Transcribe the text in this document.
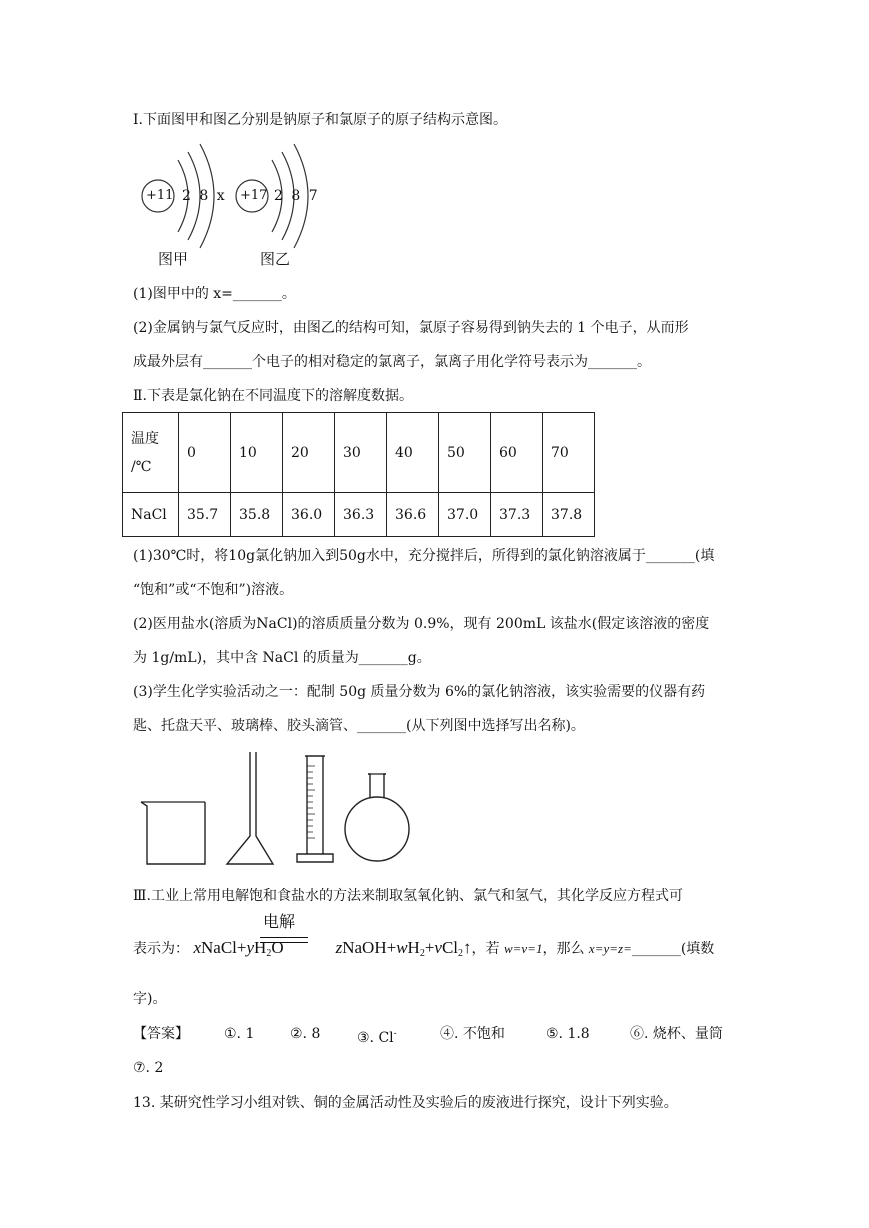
Ⅰ.下面图甲和图乙分别是钠原子和氯原子的原子结构示意图。
+11 2 8 x +17 2 8 7
图甲	图乙
(1)图甲中的 x=_______。
(2)金属钠与氯气反应时，由图乙的结构可知，氯原子容易得到钠失去的 1 个电子，从而形
成最外层有_______个电子的相对稳定的氯离子，氯离子用化学符号表示为_______。
Ⅱ.下表是氯化钠在不同温度下的溶解度数据。
温度
/℃	0	10	20	30	40	50	60	70
NaCl	35.7	35.8	36.0	36.3	36.6	37.0	37.3	37.8
(1)30℃时，将10g氯化钠加入到50g水中，充分搅拌后，所得到的氯化钠溶液属于_______(填
“饱和”或“不饱和”)溶液。
(2)医用盐水(溶质为NaCl)的溶质质量分数为 0.9%，现有 200mL 该盐水(假定该溶液的密度
为 1g/mL)，其中含 NaCl 的质量为_______g。
(3)学生化学实验活动之一：配制 50g 质量分数为 6%的氯化钠溶液，该实验需要的仪器有药
匙、托盘天平、玻璃棒、胶头滴管、_______(从下列图中选择写出名称)。
Ⅲ.工业上常用电解饱和食盐水的方法来制取氢氧化钠、氯气和氢气，其化学反应方程式可
电解
表示为： $xNaCl+yH_2O$	$zNaOH+wH_2+vCl_2↑$，若 w=v=1，那么 x=y=z=_______(填数
字)。
【答案】	①. 1	②. 8	③. Cl-	④. 不饱和	⑤. 1.8	⑥. 烧杯、量筒
⑦. 2
13. 某研究性学习小组对铁、铜的金属活动性及实验后的废液进行探究，设计下列实验。
